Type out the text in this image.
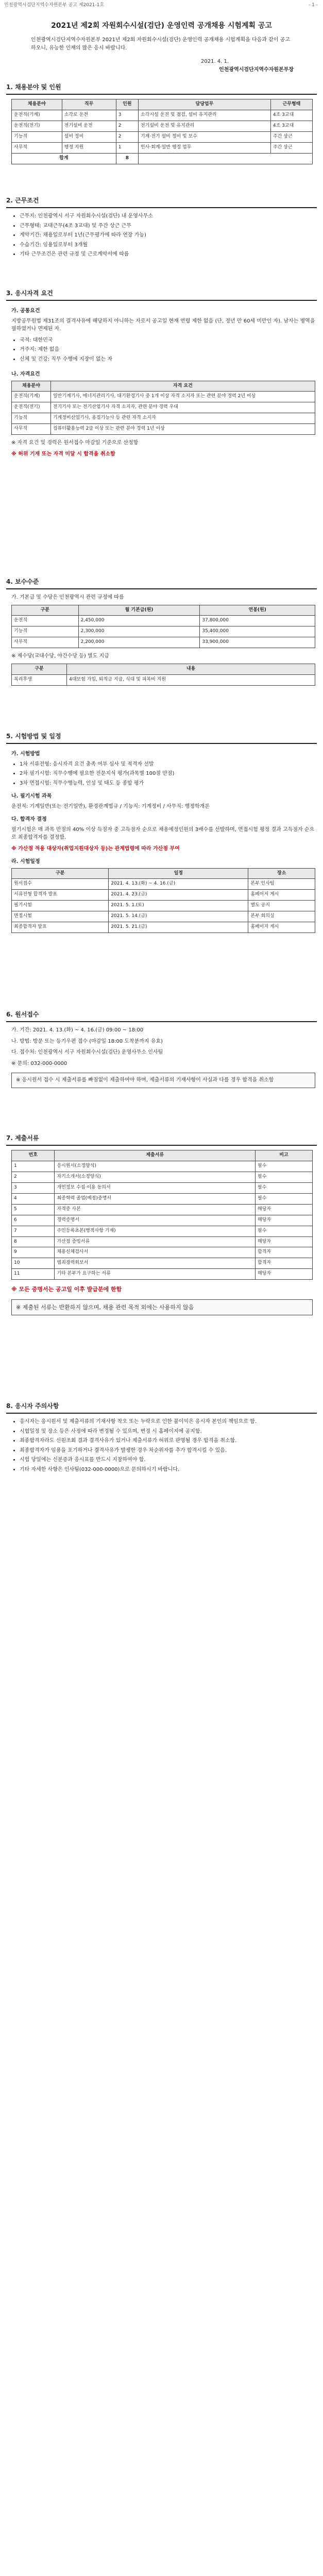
인천광역시검단지역수자원본부 공고 제2021-1호	- 1 -
2021년 제2회 자원회수시설(검단) 운영인력 공개채용 시험계획 공고
인천광역시검단지역수자원본부 2021년 제2회 자원회수시설(검단) 운영인력 공개채용 시험계획을 다음과 같이 공고하오니, 유능한 인재의 많은 응시 바랍니다.
2021. 4. 1.
인천광역시검단지역수자원본부장
1. 채용분야 및 인원
채용분야	직무	인원	담당업무	근무형태
운전직(기계)	소각로 운전	3	소각시설 운전 및 점검, 설비 유지관리	4조 3교대
운전직(전기)	전기설비 운전	2	전기설비 운전 및 유지관리	4조 3교대
기능직	설비 정비	2	기계·전기 설비 정비 및 보수	주간 상근
사무직	행정 지원	1	인사·회계·일반 행정 업무	주간 상근
합계		8		
2. 근무조건
• 근무지: 인천광역시 서구 자원회수시설(검단) 내 운영사무소
• 근무형태: 교대근무(4조 3교대) 및 주간 상근 근무
• 계약기간: 채용일로부터 1년(근무평가에 따라 연장 가능)
• 수습기간: 임용일로부터 3개월
• 기타 근무조건은 관련 규정 및 근로계약서에 따름
3. 응시자격 요건
가. 공통요건

지방공무원법 제31조의 결격사유에 해당하지 아니하는 자로서 공고일 현재 연령 제한 없음 (단, 정년 만 60세 미만인 자). 남자는 병역을 필하였거나 면제된 자.

• 국적: 대한민국
• 거주지: 제한 없음
• 신체 및 건강: 직무 수행에 지장이 없는 자
나. 자격요건
채용분야	자격 요건
운전직(기계)	일반기계기사, 에너지관리기사, 대기환경기사 중 1개 이상 자격 소지자 또는 관련 분야 경력 2년 이상
운전직(전기)	전기기사 또는 전기산업기사 자격 소지자, 관련 분야 경력 우대
기능직	기계정비산업기사, 용접기능사 등 관련 자격 소지자
사무직	컴퓨터활용능력 2급 이상 또는 관련 분야 경력 1년 이상

※ 자격 요건 및 경력은 원서접수 마감일 기준으로 산정함

※ 허위 기재 또는 자격 미달 시 합격을 취소함

4. 보수수준

가. 기본급 및 수당은 인천광역시 관련 규정에 따름

구분	월 기본급(원)	연봉(원)
운전직	2,450,000	37,800,000
기능직	2,300,000	35,400,000
사무직	2,200,000	33,900,000

※ 제수당(교대수당, 야간수당 등) 별도 지급

구분	내용
복리후생	4대보험 가입, 퇴직금 지급, 식대 및 피복비 지원
5. 시험방법 및 일정
가. 시험방법
• 1차 서류전형: 응시자격 요건 충족 여부 심사 및 적격자 선발
• 2차 필기시험: 직무수행에 필요한 전문지식 평가(과목별 100점 만점)
• 3차 면접시험: 직무수행능력, 인성 및 태도 등 종합 평가
나. 필기시험 과목

운전직: 기계일반(또는 전기일반), 환경관계법규 / 기능직: 기계정비 / 사무직: 행정학개론

다. 합격자 결정

필기시험은 매 과목 만점의 40% 이상 득점자 중 고득점자 순으로 채용예정인원의 3배수를 선발하며, 면접시험 평정 결과 고득점자 순으로 최종합격자를 결정함.

※ 가산점 적용 대상자(취업지원대상자 등)는 관계법령에 따라 가산점 부여

라. 시험일정
구분	일정	장소
원서접수	2021. 4. 13.(화) ~ 4. 16.(금)	본부 인사팀
서류전형 합격자 발표	2021. 4. 23.(금)	홈페이지 게시
필기시험	2021. 5. 1.(토)	별도 공지
면접시험	2021. 5. 14.(금)	본부 회의실
최종합격자 발표	2021. 5. 21.(금)	홈페이지 게시
6. 원서접수

가. 기간: 2021. 4. 13.(화) ~ 4. 16.(금) 09:00 ~ 18:00

나. 방법: 방문 또는 등기우편 접수 (마감일 18:00 도착분까지 유효)

다. 접수처: 인천광역시 서구 자원회수시설(검단) 운영사무소 인사팀

※ 문의: 032-000-0000

※ 응시원서 접수 시 제출서류를 빠짐없이 제출하여야 하며, 제출서류의 기재사항이 사실과 다를 경우 합격을 취소함
7. 제출서류
번호	제출서류	비고
1	응시원서(소정양식)	필수
2	자기소개서(소정양식)	필수
3	개인정보 수집·이용 동의서	필수
4	최종학력 졸업(예정)증명서	필수
5	자격증 사본	해당자
6	경력증명서	해당자
7	주민등록초본(병적사항 기재)	필수
8	가산점 증빙서류	해당자
9	채용신체검사서	합격자
10	범죄경력회보서	합격자
11	기타 본부가 요구하는 서류	해당자

※ 모든 증명서는 공고일 이후 발급분에 한함

※ 제출된 서류는 반환하지 않으며, 채용 관련 목적 외에는 사용하지 않음
8. 응시자 주의사항
• 응시자는 응시원서 및 제출서류의 기재사항 착오 또는 누락으로 인한 불이익은 응시자 본인의 책임으로 함.
• 시험일정 및 장소 등은 사정에 따라 변경될 수 있으며, 변경 시 홈페이지에 공지함.
• 최종합격자라도 신원조회 결과 결격사유가 있거나 제출서류가 허위로 판명될 경우 합격을 취소함.
• 최종합격자가 임용을 포기하거나 결격사유가 발생한 경우 차순위자를 추가 합격시킬 수 있음.
• 시험 당일에는 신분증과 응시표를 반드시 지참하여야 함.
• 기타 자세한 사항은 인사팀(032-000-0000)으로 문의하시기 바랍니다.
